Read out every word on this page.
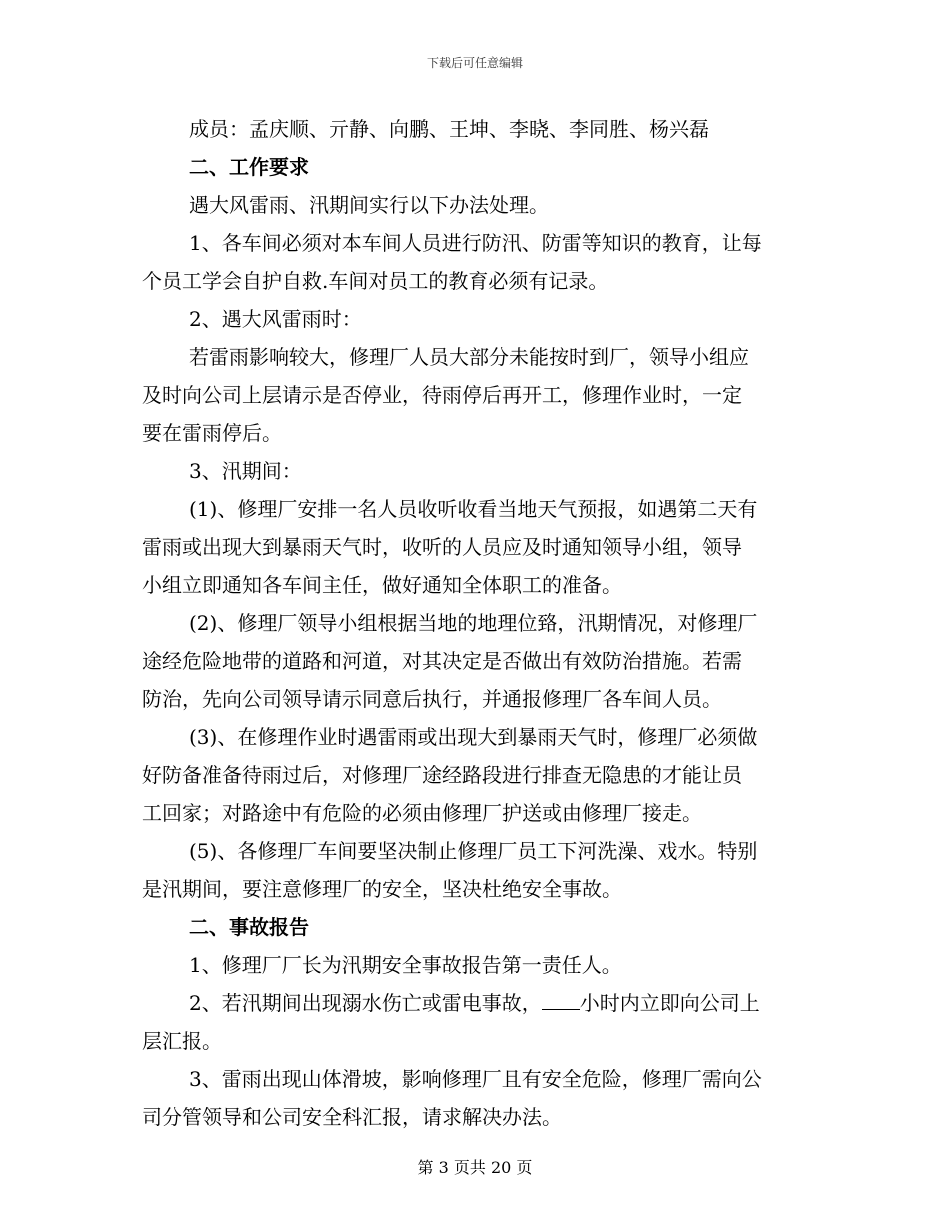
下载后可任意编辑

成员：孟庆顺、亓静、向鹏、王坤、李晓、李同胜、杨兴磊

二、工作要求

遇大风雷雨、汛期间实行以下办法处理。

1、各车间必须对本车间人员进行防汛、防雷等知识的教育，让每

个员工学会自护自救.车间对员工的教育必须有记录。

2、遇大风雷雨时：

若雷雨影响较大，修理厂人员大部分未能按时到厂，领导小组应

及时向公司上层请示是否停业，待雨停后再开工，修理作业时，一定

要在雷雨停后。

3、汛期间：

(1)、修理厂安排一名人员收听收看当地天气预报，如遇第二天有

雷雨或出现大到暴雨天气时，收听的人员应及时通知领导小组，领导

小组立即通知各车间主任，做好通知全体职工的准备。

(2)、修理厂领导小组根据当地的地理位臵，汛期情况，对修理厂

途经危险地带的道路和河道，对其决定是否做出有效防治措施。若需

防治，先向公司领导请示同意后执行，并通报修理厂各车间人员。

(3)、在修理作业时遇雷雨或出现大到暴雨天气时，修理厂必须做

好防备准备待雨过后，对修理厂途经路段进行排查无隐患的才能让员

工回家；对路途中有危险的必须由修理厂护送或由修理厂接走。

(5)、各修理厂车间要坚决制止修理厂员工下河洗澡、戏水。特别

是汛期间，要注意修理厂的安全，坚决杜绝安全事故。

二、事故报告

1、修理厂厂长为汛期安全事故报告第一责任人。

2、若汛期间出现溺水伤亡或雷电事故， 小时内立即向公司上

层汇报。

3、雷雨出现山体滑坡，影响修理厂且有安全危险，修理厂需向公

司分管领导和公司安全科汇报，请求解决办法。

第 3 页共 20 页
